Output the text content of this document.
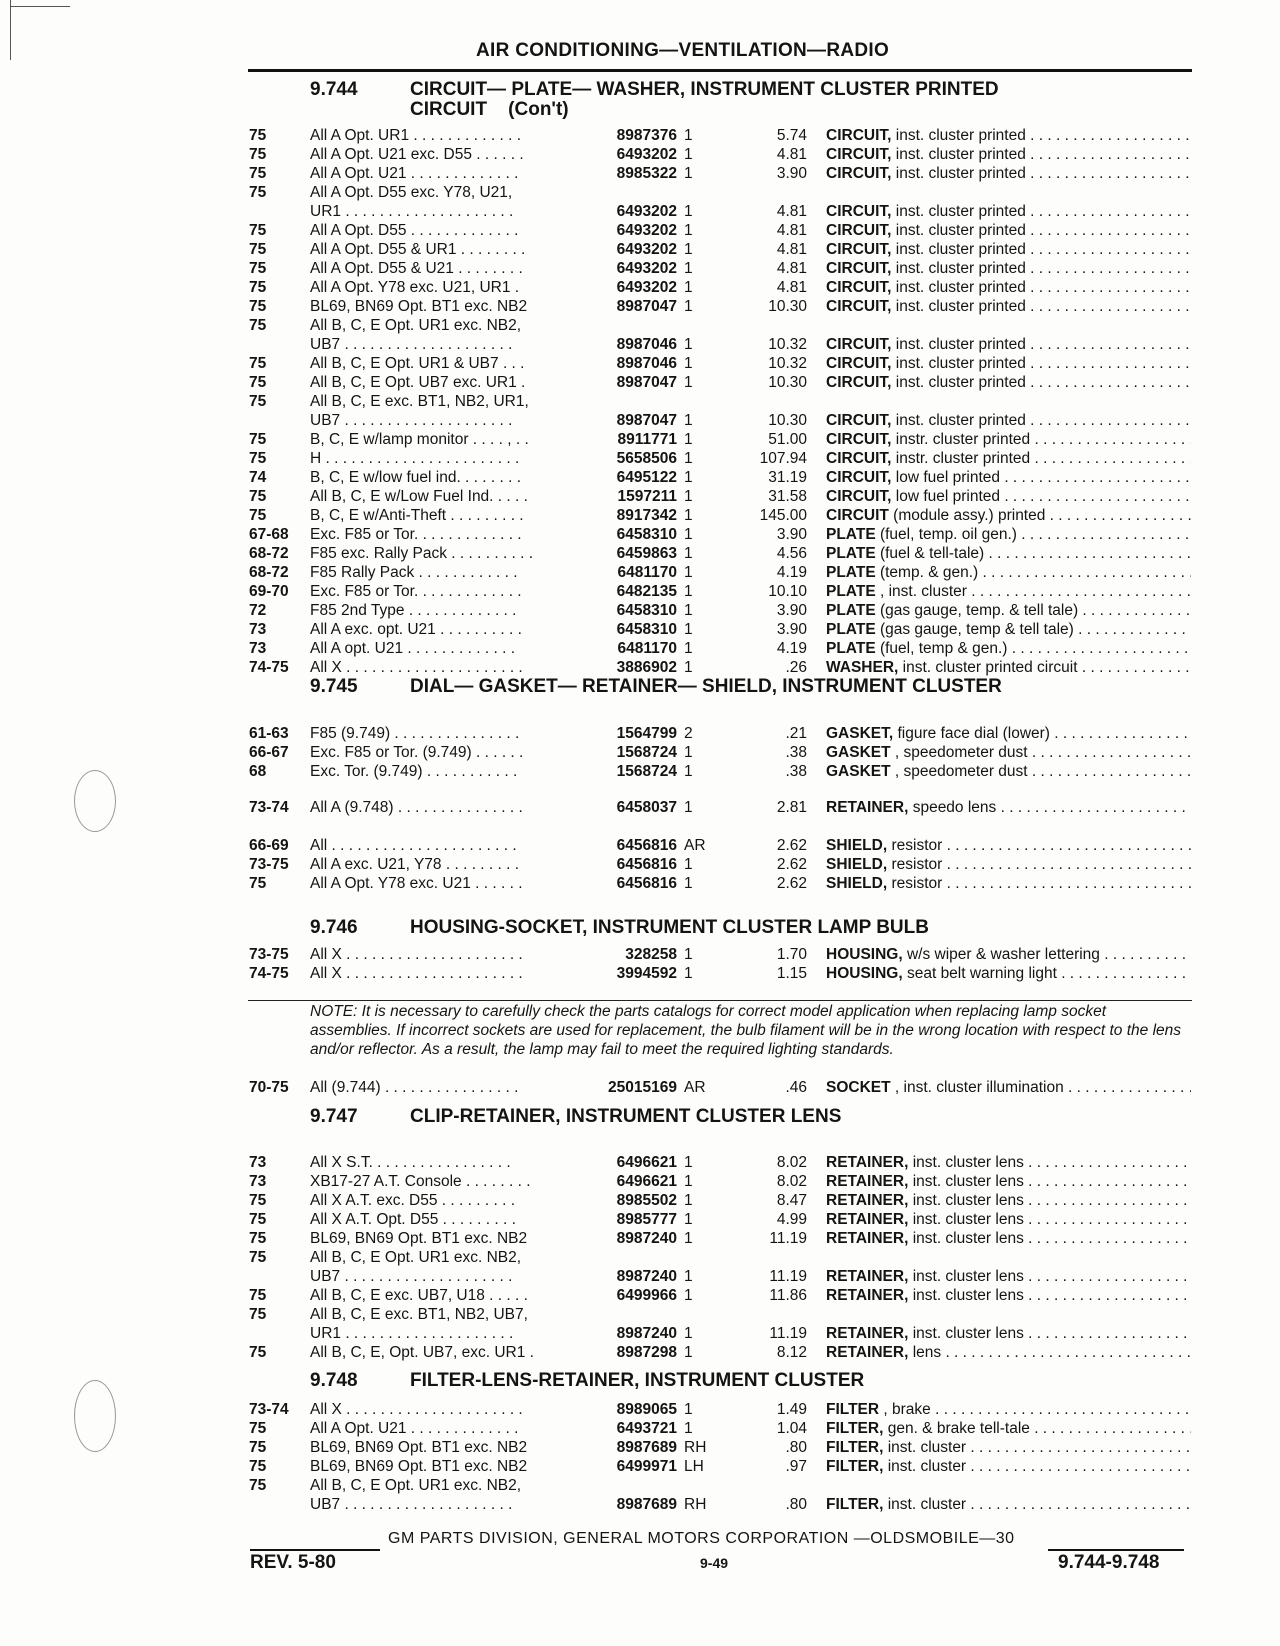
AIR CONDITIONING—VENTILATION—RADIO
9.744	CIRCUIT— PLATE— WASHER, INSTRUMENT CLUSTER PRINTED
CIRCUIT    (Con't)
75	All A Opt. UR1 . . . . . . . . . . . . .	8987376 1	5.74 CIRCUIT, inst. cluster printed . . .
75	All A Opt. U21 exc. D55 . . . . . .	6493202 1	4.81 CIRCUIT, inst. cluster printed . . .
75	All A Opt. U21 . . . . . . . . . . . . .	8985322 1	3.90 CIRCUIT, inst. cluster printed . . .
75	All A Opt. D55 exc. Y78, U21,
UR1 . . . . . . . . . . . . . . . . . . . .	6493202 1	4.81 CIRCUIT, inst. cluster printed . . .
75	All A Opt. D55 . . . . . . . . . . . . .	6493202 1	4.81 CIRCUIT, inst. cluster printed . . .
75	All A Opt. D55 & UR1 . . . . . . . .	6493202 1	4.81 CIRCUIT, inst. cluster printed . . .
75	All A Opt. D55 & U21 . . . . . . . .	6493202 1	4.81 CIRCUIT, inst. cluster printed . . .
75	All A Opt. Y78 exc. U21, UR1 .	6493202 1	4.81 CIRCUIT, inst. cluster printed . . .
75	BL69, BN69 Opt. BT1 exc. NB2	8987047 1	10.30 CIRCUIT, inst. cluster printed . . .
75	All B, C, E Opt. UR1 exc. NB2,
UB7 . . . . . . . . . . . . . . . . . . . .	8987046 1	10.32 CIRCUIT, inst. cluster printed . . .
75	All B, C, E Opt. UR1 & UB7 . . .	8987046 1	10.32 CIRCUIT, inst. cluster printed . . .
75	All B, C, E Opt. UB7 exc. UR1 .	8987047 1	10.30 CIRCUIT, inst. cluster printed . . .
75	All B, C, E exc. BT1, NB2, UR1,
UB7 . . . . . . . . . . . . . . . . . . . .	8987047 1	10.30 CIRCUIT, inst. cluster printed . . .
75	B, C, E w/lamp monitor . . . . , . .	8911771 1	51.00 CIRCUIT, instr. cluster printed . . .
75	H . . . . . . . . . . . . . . . . . . . . . . .	5658506 1	107.94 CIRCUIT, instr. cluster printed . . .
74	B, C, E w/low fuel ind. . . . . . . .	6495122 1	31.19 CIRCUIT, low fuel printed . . .
75	All B, C, E w/Low Fuel Ind. . . . .	1597211 1	31.58 CIRCUIT, low fuel printed . . .
75	B, C, E w/Anti-Theft . . . . . . . . .	8917342 1	145.00 CIRCUIT (module assy.) printed . . .
67-68	Exc. F85 or Tor. . . . . . . . . . . . .	6458310 1	3.90 PLATE (fuel, temp. oil gen.) . . .
68-72	F85 exc. Rally Pack . . . . . . . . . .	6459863 1	4.56 PLATE (fuel & tell-tale) . . .
68-72	F85 Rally Pack . . . . . . . . . . . .	6481170 1	4.19 PLATE (temp. & gen.) . . .
69-70	Exc. F85 or Tor. . . . . . . . . . . . .	6482135 1	10.10 PLATE , inst. cluster . . .
72	F85 2nd Type . . . . . . . . . . . . .	6458310 1	3.90 PLATE (gas gauge, temp. & tell tale) . . .
73	All A exc. opt. U21 . . . . . . . . . .	6458310 1	3.90 PLATE (gas gauge, temp & tell tale) . . .
73	All A opt. U21 . . . . . . . . . . . . .	6481170 1	4.19 PLATE (fuel, temp & gen.) . . .
74-75	All X . . . . . . . . . . . . . . . . . . . . .	3886902 1	.26 WASHER, inst. cluster printed circuit . . .
9.745	DIAL— GASKET— RETAINER— SHIELD, INSTRUMENT CLUSTER
61-63	F85 (9.749) . . . . . . . . . . . . . . .	1564799 2	.21 GASKET, figure face dial (lower) . . .
66-67	Exc. F85 or Tor. (9.749) . . . . . .	1568724 1	.38 GASKET , speedometer dust . . .
68	Exc. Tor. (9.749) . . . . . . . . . . .	1568724 1	.38 GASKET , speedometer dust . . .
73-74	All A (9.748) . . . . . . . . . . . . . . .	6458037 1	2.81 RETAINER, speedo lens . . .
66-69	All . . . . . . . . . . . . . . . . . . . . . .	6456816 AR	2.62 SHIELD, resistor . . .
73-75	All A exc. U21, Y78 . . . . . . . . .	6456816 1	2.62 SHIELD, resistor . . .
75	All A Opt. Y78 exc. U21 . . . . . .	6456816 1	2.62 SHIELD, resistor . . .
9.746	HOUSING-SOCKET, INSTRUMENT CLUSTER LAMP BULB
73-75	All X . . . . . . . . . . . . . . . . . . . . .	328258 1	1.70 HOUSING, w/s wiper & washer lettering . . . . .
74-75	All X . . . . . . . . . . . . . . . . . . . . .	3994592 1	1.15 HOUSING, seat belt warning light . . .
NOTE: It is necessary to carefully check the parts catalogs for correct model application when replacing lamp socket assemblies. If incorrect sockets are used for replacement, the bulb filament will be in the wrong location with respect to the lens and/or reflector. As a result, the lamp may fail to meet the required lighting standards.
70-75	All (9.744) . . . . . . . . . . . . . . . .	25015169 AR	.46 SOCKET , inst. cluster illumination . . .
9.747	CLIP-RETAINER, INSTRUMENT CLUSTER LENS
73	All X S.T. . . . . . . . . . . . . . . . .	6496621 1	8.02 RETAINER, inst. cluster lens . . .
73	XB17-27 A.T. Console . . . . . . . .	6496621 1	8.02 RETAINER, inst. cluster lens . . .
75	All X A.T. exc. D55 . . . . . . . . .	8985502 1	8.47 RETAINER, inst. cluster lens . . .
75	All X A.T. Opt. D55 . . . . . . . . .	8985777 1	4.99 RETAINER, inst. cluster lens . . .
75	BL69, BN69 Opt. BT1 exc. NB2	8987240 1	11.19 RETAINER, inst. cluster lens . . .
75	All B, C, E Opt. UR1 exc. NB2,
UB7 . . . . . . . . . . . . . . . . . . . .	8987240 1	11.19 RETAINER, inst. cluster lens . . .
75	All B, C, E exc. UB7, U18 . . . . .	6499966 1	11.86 RETAINER, inst. cluster lens . . .
75	All B, C, E exc. BT1, NB2, UB7,
UR1 . . . . . . . . . . . . . . . . . . . .	8987240 1	11.19 RETAINER, inst. cluster lens . . .
75	All B, C, E, Opt. UB7, exc. UR1 .	8987298 1	8.12 RETAINER, lens . . .
9.748	FILTER-LENS-RETAINER, INSTRUMENT CLUSTER
73-74	All X . . . . . . . . . . . . . . . . . . . . .	8989065 1	1.49 FILTER , brake . . .
75	All A Opt. U21 . . . . . . . . . . . . .	6493721 1	1.04 FILTER, gen. & brake tell-tale . . .
75	BL69, BN69 Opt. BT1 exc. NB2	8987689 RH	.80 FILTER, inst. cluster . . .
75	BL69, BN69 Opt. BT1 exc. NB2	6499971 LH	.97 FILTER, inst. cluster . . .
75	All B, C, E Opt. UR1 exc. NB2,
UB7 . . . . . . . . . . . . . . . . . . . .	8987689 RH	.80 FILTER, inst. cluster . . .
GM PARTS DIVISION, GENERAL MOTORS CORPORATION —OLDSMOBILE—30
REV. 5-80	9-49	9.744-9.748
